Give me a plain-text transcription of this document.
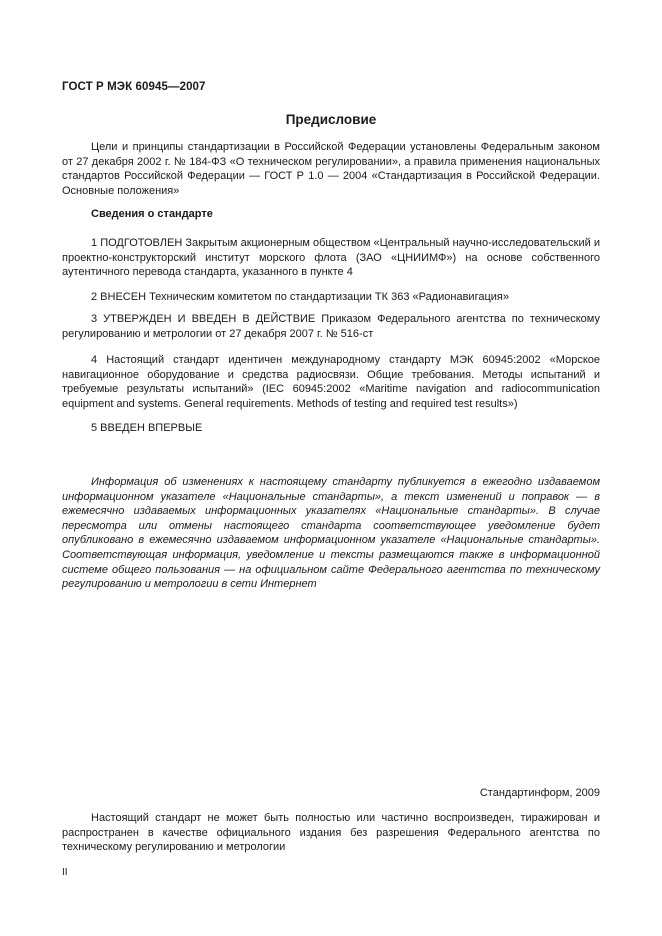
ГОСТ Р МЭК 60945—2007
Предисловие

Цели и принципы стандартизации в Российской Федерации установлены Федеральным законом от 27 декабря 2002 г. № 184-ФЗ «О техническом регулировании», а правила применения национальных стандартов Российской Федерации — ГОСТ Р 1.0 — 2004 «Стандартизация в Российской Федерации. Основные положения»

Сведения о стандарте

1 ПОДГОТОВЛЕН Закрытым акционерным обществом «Центральный научно-исследовательский и проектно-конструкторский институт морского флота (ЗАО «ЦНИИМФ») на основе собственного аутентичного перевода стандарта, указанного в пункте 4

2 ВНЕСЕН Техническим комитетом по стандартизации ТК 363 «Радионавигация»

3 УТВЕРЖДЕН И ВВЕДЕН В ДЕЙСТВИЕ Приказом Федерального агентства по техническому регулированию и метрологии от 27 декабря 2007 г. № 516-ст

4 Настоящий стандарт идентичен международному стандарту МЭК 60945:2002 «Морское навигационное оборудование и средства радиосвязи. Общие требования. Методы испытаний и требуемые результаты испытаний» (IEC 60945:2002 «Maritime navigation and radiocommunication equipment and systems. General requirements. Methods of testing and required test results»)

5 ВВЕДЕН ВПЕРВЫЕ

Информация об изменениях к настоящему стандарту публикуется в ежегодно издаваемом информационном указателе «Национальные стандарты», а текст изменений и поправок — в ежемесячно издаваемых информационных указателях «Национальные стандарты». В случае пересмотра или отмены настоящего стандарта соответствующее уведомление будет опубликовано в ежемесячно издаваемом информационном указателе «Национальные стандарты». Соответствующая информация, уведомление и тексты размещаются также в информационной системе общего пользования — на официальном сайте Федерального агентства по техническому регулированию и метрологии в сети Интернет

Стандартинформ, 2009

Настоящий стандарт не может быть полностью или частично воспроизведен, тиражирован и распространен в качестве официального издания без разрешения Федерального агентства по техническому регулированию и метрологии

II
